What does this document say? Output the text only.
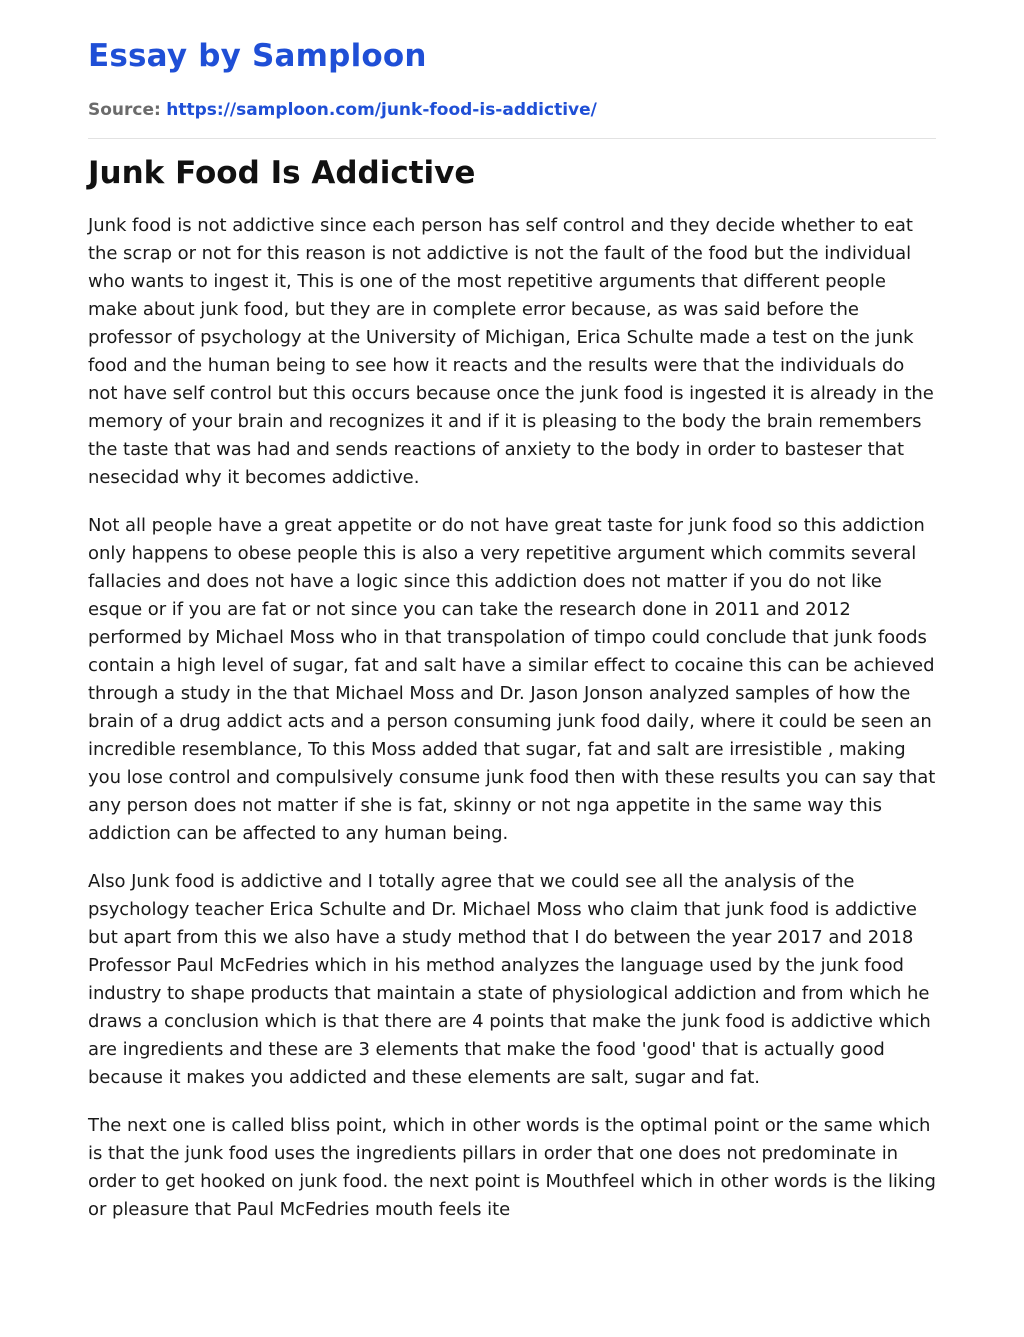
Essay by Samploon
Source: https://samploon.com/junk-food-is-addictive/
Junk Food Is Addictive

Junk food is not addictive since each person has self control and they decide whether to eat the scrap or not for this reason is not addictive is not the fault of the food but the individual who wants to ingest it, This is one of the most repetitive arguments that different people make about junk food, but they are in complete error because, as was said before the professor of psychology at the University of Michigan, Erica Schulte made a test on the junk food and the human being to see how it reacts and the results were that the individuals do not have self control but this occurs because once the junk food is ingested it is already in the memory of your brain and recognizes it and if it is pleasing to the body the brain remembers the taste that was had and sends reactions of anxiety to the body in order to basteser that nesecidad why it becomes addictive.

Not all people have a great appetite or do not have great taste for junk food so this addiction only happens to obese people this is also a very repetitive argument which commits several fallacies and does not have a logic since this addiction does not matter if you do not like esque or if you are fat or not since you can take the research done in 2011 and 2012 performed by Michael Moss who in that transpolation of timpo could conclude that junk foods contain a high level of sugar, fat and salt have a similar effect to cocaine this can be achieved through a study in the that Michael Moss and Dr. Jason Jonson analyzed samples of how the brain of a drug addict acts and a person consuming junk food daily, where it could be seen an incredible resemblance, To this Moss added that sugar, fat and salt are irresistible , making you lose control and compulsively consume junk food then with these results you can say that any person does not matter if she is fat, skinny or not nga appetite in the same way this addiction can be affected to any human being.

Also Junk food is addictive and I totally agree that we could see all the analysis of the psychology teacher Erica Schulte and Dr. Michael Moss who claim that junk food is addictive but apart from this we also have a study method that I do between the year 2017 and 2018 Professor Paul McFedries which in his method analyzes the language used by the junk food industry to shape products that maintain a state of physiological addiction and from which he draws a conclusion which is that there are 4 points that make the junk food is addictive which are ingredients and these are 3 elements that make the food 'good' that is actually good because it makes you addicted and these elements are salt, sugar and fat.

The next one is called bliss point, which in other words is the optimal point or the same which is that the junk food uses the ingredients pillars in order that one does not predominate in order to get hooked on junk food. the next point is Mouthfeel which in other words is the liking or pleasure that Paul McFedries mouth feels ite
